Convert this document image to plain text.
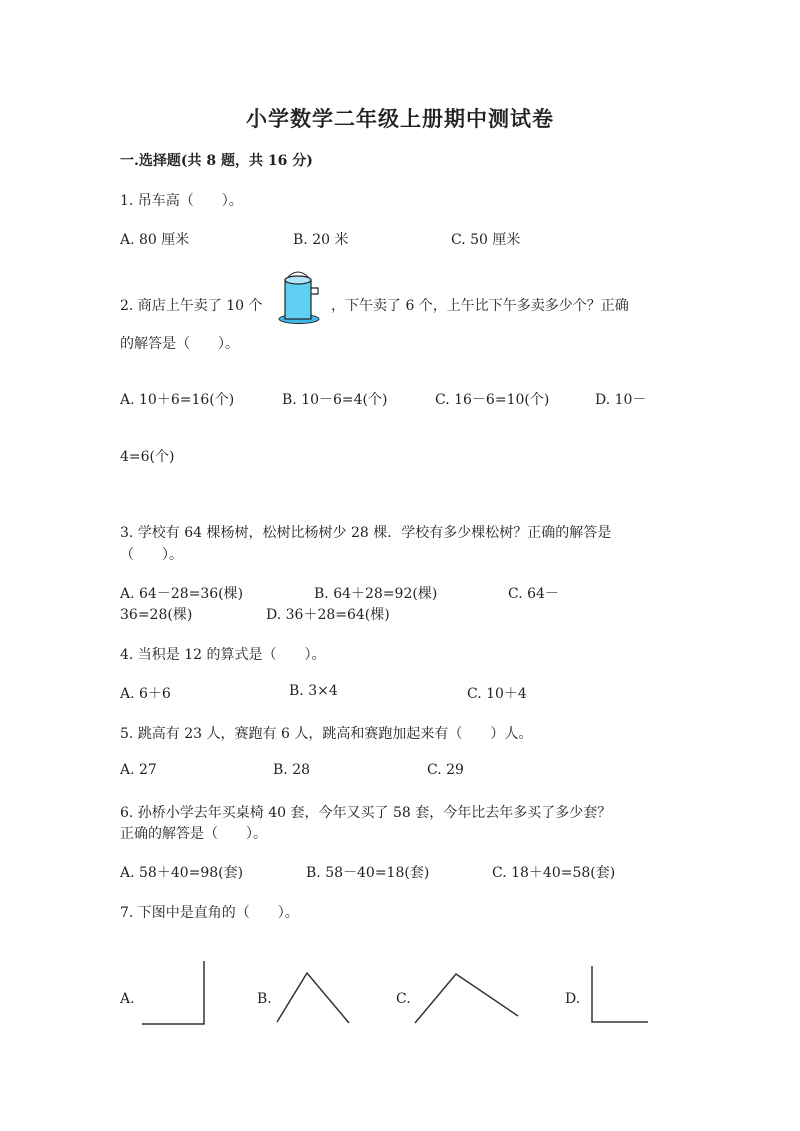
小学数学二年级上册期中测试卷
一.选择题(共 8 题，共 16 分)
1. 吊车高（　　）。
A. 80 厘米	B. 20 米	C. 50 厘米
2. 商店上午卖了 10 个	，下午卖了 6 个，上午比下午多卖多少个？正确
的解答是（　　）。
A. 10＋6=16(个)	B. 10－6=4(个)	C. 16－6=10(个)	D. 10－
4=6(个)
3. 学校有 64 棵杨树，松树比杨树少 28 棵．学校有多少棵松树？正确的解答是
（　　）。
A. 64－28=36(棵)	B. 64＋28=92(棵)	C. 64－
36=28(棵)	D. 36＋28=64(棵)
4. 当积是 12 的算式是（　　）。
A. 6＋6	B. 3×4	C. 10＋4
5. 跳高有 23 人，赛跑有 6 人，跳高和赛跑加起来有（　　）人。
A. 27	B. 28	C. 29
6. 孙桥小学去年买桌椅 40 套，今年又买了 58 套，今年比去年多买了多少套？
正确的解答是（　　）。
A. 58＋40=98(套)	B. 58－40=18(套)	C. 18＋40=58(套)
7. 下图中是直角的（　　）。
A.	B.	C.	D.
